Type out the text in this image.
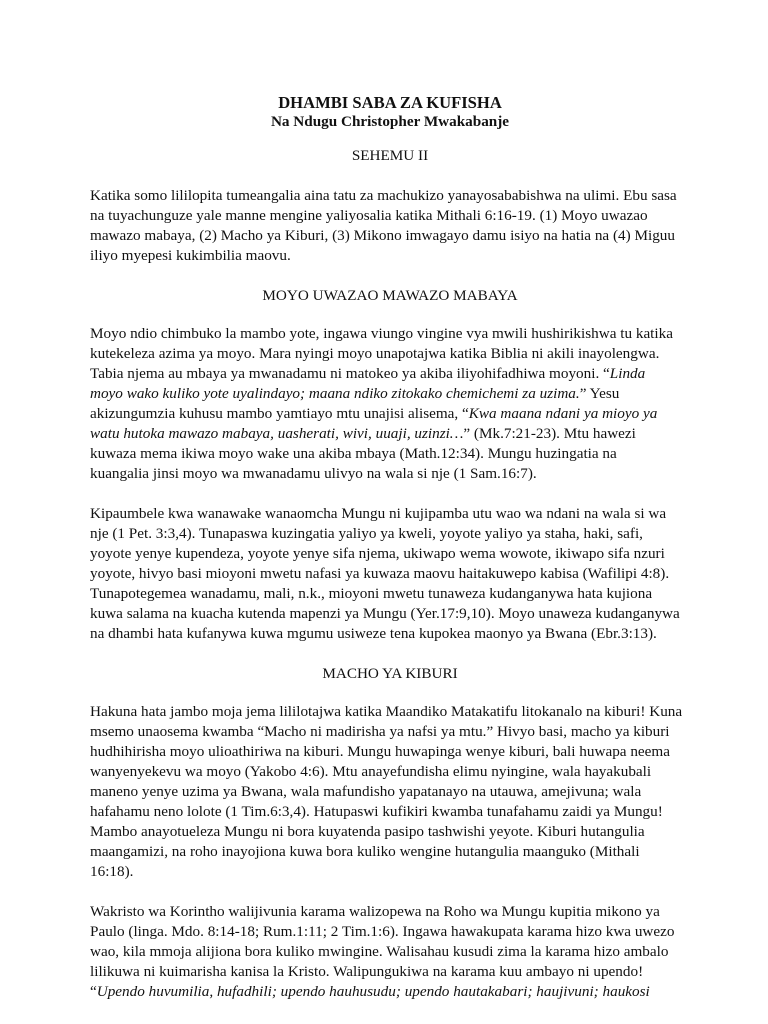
DHAMBI SABA ZA KUFISHA
Na Ndugu Christopher Mwakabanje
SEHEMU II
Katika somo lililopita tumeangalia aina tatu za machukizo yanayosababishwa na ulimi. Ebu sasa
na tuyachunguze yale manne mengine yaliyosalia katika Mithali 6:16-19. (1) Moyo uwazao
mawazo mabaya, (2) Macho ya Kiburi, (3) Mikono imwagayo damu isiyo na hatia na (4) Miguu
iliyo myepesi kukimbilia maovu.
MOYO UWAZAO MAWAZO MABAYA
Moyo ndio chimbuko la mambo yote, ingawa viungo vingine vya mwili hushirikishwa tu katika
kutekeleza azima ya moyo. Mara nyingi moyo unapotajwa katika Biblia ni akili inayolengwa.
Tabia njema au mbaya ya mwanadamu ni matokeo ya akiba iliyohifadhiwa moyoni. “Linda
moyo wako kuliko yote uyalindayo; maana ndiko zitokako chemichemi za uzima.” Yesu
akizungumzia kuhusu mambo yamtiayo mtu unajisi alisema, “Kwa maana ndani ya mioyo ya
watu hutoka mawazo mabaya, uasherati, wivi, uuaji, uzinzi…” (Mk.7:21-23). Mtu hawezi
kuwaza mema ikiwa moyo wake una akiba mbaya (Math.12:34). Mungu huzingatia na
kuangalia jinsi moyo wa mwanadamu ulivyo na wala si nje (1 Sam.16:7).
Kipaumbele kwa wanawake wanaomcha Mungu ni kujipamba utu wao wa ndani na wala si wa
nje (1 Pet. 3:3,4). Tunapaswa kuzingatia yaliyo ya kweli, yoyote yaliyo ya staha, haki, safi,
yoyote yenye kupendeza, yoyote yenye sifa njema, ukiwapo wema wowote, ikiwapo sifa nzuri
yoyote, hivyo basi mioyoni mwetu nafasi ya kuwaza maovu haitakuwepo kabisa (Wafilipi 4:8).
Tunapotegemea wanadamu, mali, n.k., mioyoni mwetu tunaweza kudanganywa hata kujiona
kuwa salama na kuacha kutenda mapenzi ya Mungu (Yer.17:9,10). Moyo unaweza kudanganywa
na dhambi hata kufanywa kuwa mgumu usiweze tena kupokea maonyo ya Bwana (Ebr.3:13).
MACHO YA KIBURI
Hakuna hata jambo moja jema lililotajwa katika Maandiko Matakatifu litokanalo na kiburi! Kuna
msemo unaosema kwamba “Macho ni madirisha ya nafsi ya mtu.” Hivyo basi, macho ya kiburi
hudhihirisha moyo ulioathiriwa na kiburi. Mungu huwapinga wenye kiburi, bali huwapa neema
wanyenyekevu wa moyo (Yakobo 4:6). Mtu anayefundisha elimu nyingine, wala hayakubali
maneno yenye uzima ya Bwana, wala mafundisho yapatanayo na utauwa, amejivuna; wala
hafahamu neno lolote (1 Tim.6:3,4). Hatupaswi kufikiri kwamba tunafahamu zaidi ya Mungu!
Mambo anayotueleza Mungu ni bora kuyatenda pasipo tashwishi yeyote. Kiburi hutangulia
maangamizi, na roho inayojiona kuwa bora kuliko wengine hutangulia maanguko (Mithali
16:18).
Wakristo wa Korintho walijivunia karama walizopewa na Roho wa Mungu kupitia mikono ya
Paulo (linga. Mdo. 8:14-18; Rum.1:11; 2 Tim.1:6). Ingawa hawakupata karama hizo kwa uwezo
wao, kila mmoja alijiona bora kuliko mwingine. Walisahau kusudi zima la karama hizo ambalo
lilikuwa ni kuimarisha kanisa la Kristo. Walipungukiwa na karama kuu ambayo ni upendo!
“Upendo huvumilia, hufadhili; upendo hauhusudu; upendo hautakabari; haujivuni; haukosi
